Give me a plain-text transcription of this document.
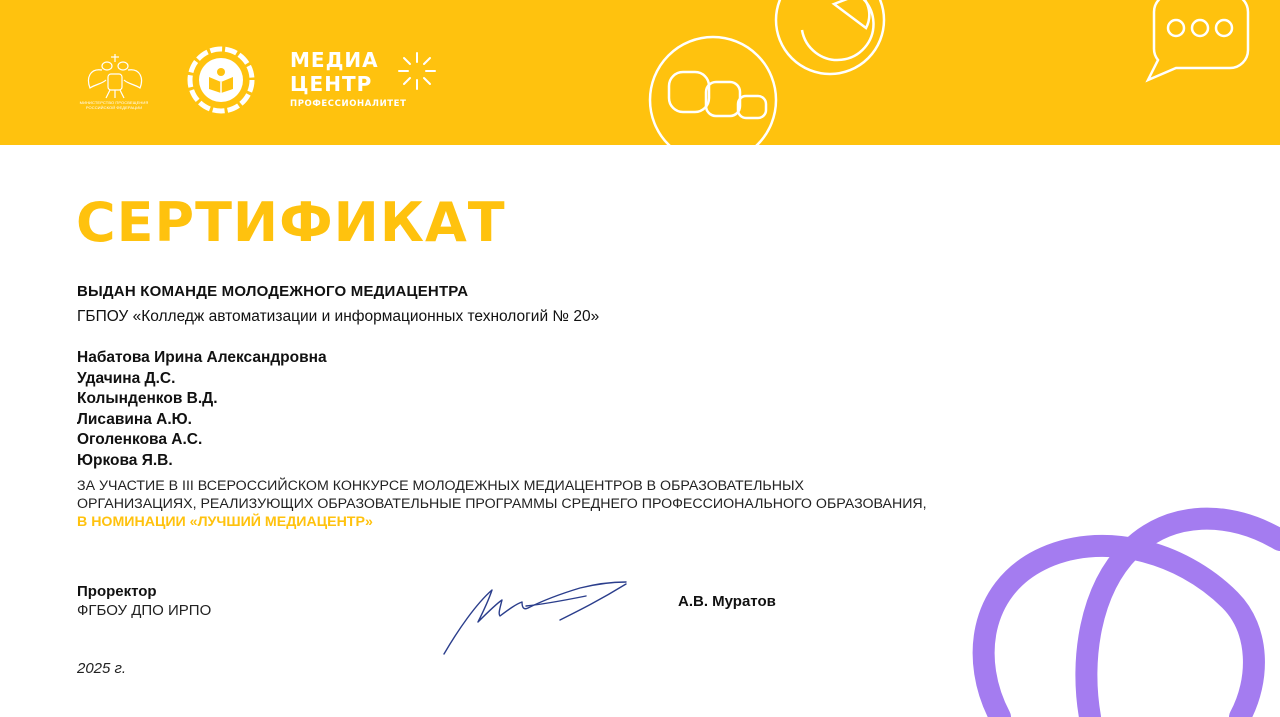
МИНИСТЕРСТВО ПРОСВЕЩЕНИЯ РОССИЙСКОЙ ФЕДЕРАЦИИ
МЕДИА
ЦЕНТР
ПРОФЕССИОНАЛИТЕТ
СЕРТИФИКАТ
ВЫДАН КОМАНДЕ МОЛОДЕЖНОГО МЕДИАЦЕНТРА
ГБПОУ «Колледж автоматизации и информационных технологий № 20»
Набатова Ирина Александровна
Удачина Д.С.
Колынденков В.Д.
Лисавина А.Ю.
Оголенкова А.С.
Юркова Я.В.
ЗА УЧАСТИЕ В III ВСЕРОССИЙСКОМ КОНКУРСЕ МОЛОДЕЖНЫХ МЕДИАЦЕНТРОВ В ОБРАЗОВАТЕЛЬНЫХ ОРГАНИЗАЦИЯХ, РЕАЛИЗУЮЩИХ ОБРАЗОВАТЕЛЬНЫЕ ПРОГРАММЫ СРЕДНЕГО ПРОФЕССИОНАЛЬНОГО ОБРАЗОВАНИЯ, В НОМИНАЦИИ «ЛУЧШИЙ МЕДИАЦЕНТР»
Проректор
ФГБОУ ДПО ИРПО
А.В. Муратов
2025 г.
